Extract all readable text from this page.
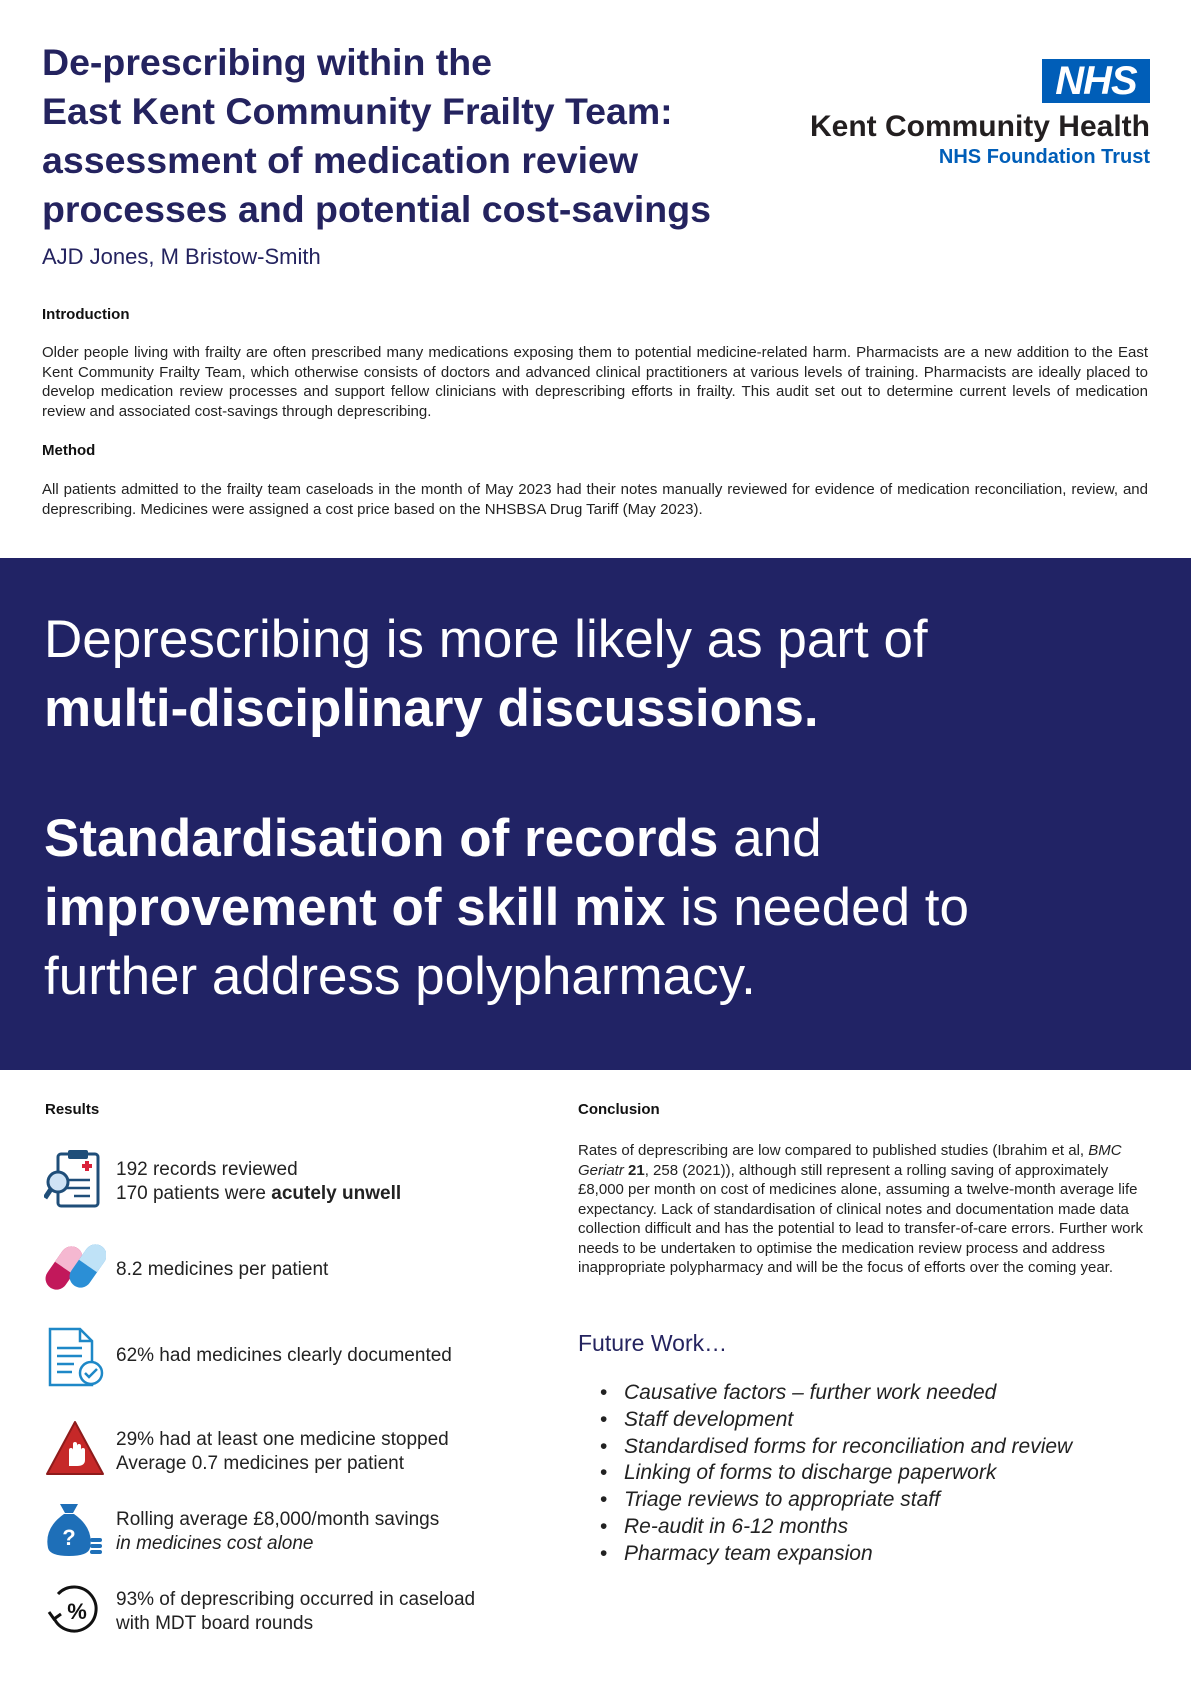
De-prescribing within the
East Kent Community Frailty Team:
assessment of medication review
processes and potential cost-savings
AJD Jones, M Bristow-Smith
NHS
Kent Community Health
NHS Foundation Trust
Introduction

Older people living with frailty are often prescribed many medications exposing them to potential medicine-related harm. Pharmacists are a new addition to the East Kent Community Frailty Team, which otherwise consists of doctors and advanced clinical practitioners at various levels of training. Pharmacists are ideally placed to develop medication review processes and support fellow clinicians with deprescribing efforts in frailty. This audit set out to determine current levels of medication review and associated cost-savings through deprescribing.

Method

All patients admitted to the frailty team caseloads in the month of May 2023 had their notes manually reviewed for evidence of medication reconciliation, review, and deprescribing. Medicines were assigned a cost price based on the NHSBSA Drug Tariff (May 2023).

Deprescribing is more likely as part of
multi-disciplinary discussions.
Standardisation of records and
improvement of skill mix is needed to
further address polypharmacy.
Results
192 records reviewed
170 patients were acutely unwell
8.2 medicines per patient
62% had medicines clearly documented
29% had at least one medicine stopped
Average 0.7 medicines per patient
?
Rolling average £8,000/month savings
in medicines cost alone
% 93% of deprescribing occurred in caseload
with MDT board rounds
Conclusion

Rates of deprescribing are low compared to published studies (Ibrahim et al, BMC Geriatr 21, 258 (2021)), although still represent a rolling saving of approximately £8,000 per month on cost of medicines alone, assuming a twelve-month average life expectancy. Lack of standardisation of clinical notes and documentation made data collection difficult and has the potential to lead to transfer-of-care errors. Further work needs to be undertaken to optimise the medication review process and address inappropriate polypharmacy and will be the focus of efforts over the coming year.

Future Work…
• Causative factors – further work needed
• Staff development
• Standardised forms for reconciliation and review
• Linking of forms to discharge paperwork
• Triage reviews to appropriate staff
• Re-audit in 6-12 months
• Pharmacy team expansion
